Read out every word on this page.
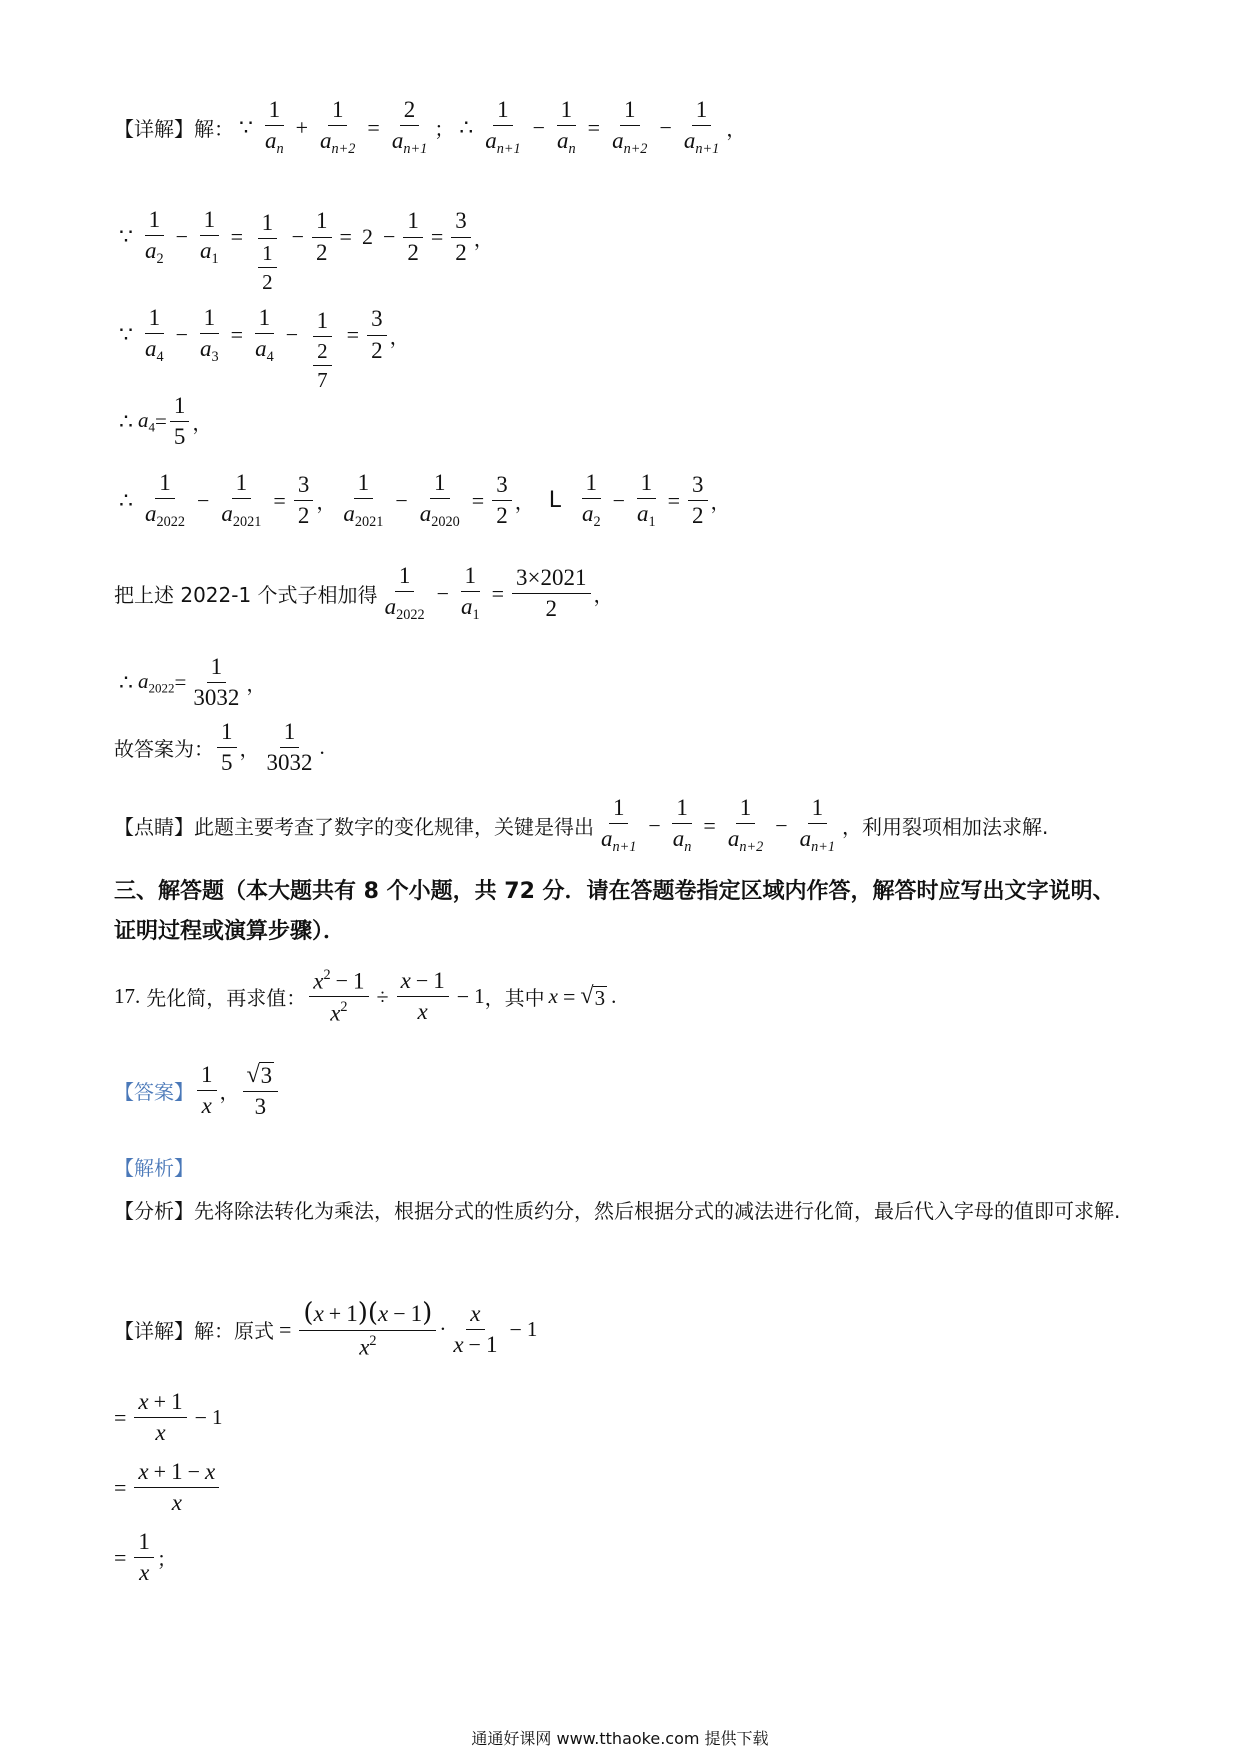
【详解】 解： ∵ $\frac{1}{a_n} + \frac{1}{a_{n+2}} = \frac{2}{a_{n+1}}$ ； ∴ $\frac{1}{a_{n+1}} - \frac{1}{a_n} = \frac{1}{a_{n+2}} - \frac{1}{a_{n+1}}$ ，
∵ $\frac{1}{a_2} - \frac{1}{a_1} = \frac{1}{\frac{1}{2}} - \frac{1}{2} = 2 - \frac{1}{2} = \frac{3}{2}$ ，
∵ $\frac{1}{a_4} - \frac{1}{a_3} = \frac{1}{a_4} - \frac{1}{\frac{2}{7}} = \frac{3}{2}$ ，
∴ $a_4 = \frac{1}{5}$ ，
∴ $\frac{1}{a_{2022}} - \frac{1}{a_{2021}} = \frac{3}{2}$ ， $\frac{1}{a_{2021}} - \frac{1}{a_{2020}} = \frac{3}{2}$ ， L $\frac{1}{a_2} - \frac{1}{a_1} = \frac{3}{2}$ ，
把上述 2022-1 个式子相加得 $\frac{1}{a_{2022}} - \frac{1}{a_1} = \frac{3\times 2021}{2}$ ，
∴ $a_{2022} = \frac{1}{3032}$ ，
故答案为： $\frac{1}{5}$ ， $\frac{1}{3032}$ .
【点睛】 此题主要考查了数字的变化规律，关键是得出 $\frac{1}{a_{n+1}} - \frac{1}{a_n} = \frac{1}{a_{n+2}} - \frac{1}{a_{n+1}}$ ，利用裂项相加法求解.
三、解答题（本大题共有 8 个小题，共 72 分．请在答题卷指定区域内作答，解答时应写出文字说明、证明过程或演算步骤）．
17. 先化简，再求值： $\frac{x^2 - 1}{x^2} \div \frac{x - 1}{x} - 1$ ，其中 x = √ 3 .
【答案】 $\frac{1}{x}$ ， $\frac{√ 3}{3}$
【解析】
【分析】先将除法转化为乘法，根据分式的性质约分，然后根据分式的减法进行化简，最后代入字母的值即可求解.
【详解】 解：原式 = $\frac{(x + 1)(x - 1)}{x^2} \cdot \frac{x}{x - 1} - 1$
= $\frac{x + 1}{x} - 1$
= $\frac{x + 1 - x}{x}$
= $\frac{1}{x}$ ；
通通好课网 www.tthaoke.com 提供下载
